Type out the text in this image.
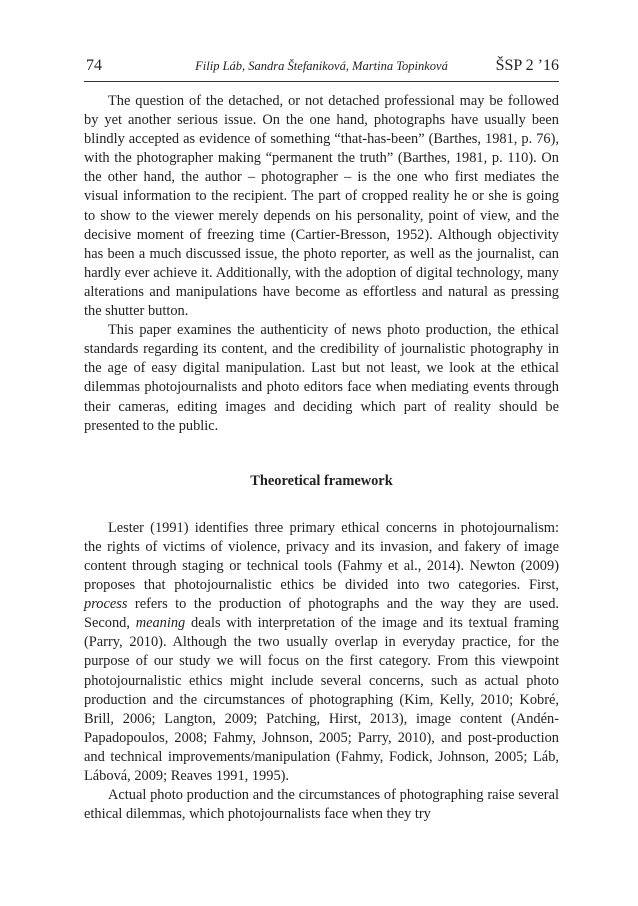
74	Filip Láb, Sandra Štefaniková, Martina Topinková	ŠSP 2 ’16

The question of the detached, or not detached professional may be followed by yet another serious issue. On the one hand, photographs have usually been blindly accepted as evidence of something “that-has-been” (Barthes, 1981, p. 76), with the photographer making “permanent the truth” (Barthes, 1981, p. 110). On the other hand, the author – photographer – is the one who first mediates the visual information to the recipient. The part of cropped reality he or she is going to show to the viewer merely depends on his personality, point of view, and the decisive moment of freezing time (Cartier-Bresson, 1952). Although objectivity has been a much discussed issue, the photo reporter, as well as the journalist, can hardly ever achieve it. Additionally, with the adoption of digital technology, many alterations and manipulations have become as effortless and natural as pressing the shutter button.

This paper examines the authenticity of news photo production, the ethical standards regarding its content, and the credibility of journalistic photography in the age of easy digital manipulation. Last but not least, we look at the ethical dilemmas photojournalists and photo editors face when mediating events through their cameras, editing images and deciding which part of reality should be presented to the public.

Theoretical framework

Lester (1991) identifies three primary ethical concerns in photojournalism: the rights of victims of violence, privacy and its invasion, and fakery of image content through staging or technical tools (Fahmy et al., 2014). Newton (2009) proposes that photojournalistic ethics be divided into two categories. First, process refers to the production of photographs and the way they are used. Second, meaning deals with interpretation of the image and its textual framing (Parry, 2010). Although the two usually overlap in everyday practice, for the purpose of our study we will focus on the first category. From this viewpoint photojournalistic ethics might include several concerns, such as actual photo production and the circumstances of photographing (Kim, Kelly, 2010; Kobré, Brill, 2006; Langton, 2009; Patching, Hirst, 2013), image content (Andén-Papadopoulos, 2008; Fahmy, Johnson, 2005; Parry, 2010), and post-production and technical improvements/manipulation (Fahmy, Fodick, Johnson, 2005; Láb, Lábová, 2009; Reaves 1991, 1995).

Actual photo production and the circumstances of photographing raise several ethical dilemmas, which photojournalists face when they try
